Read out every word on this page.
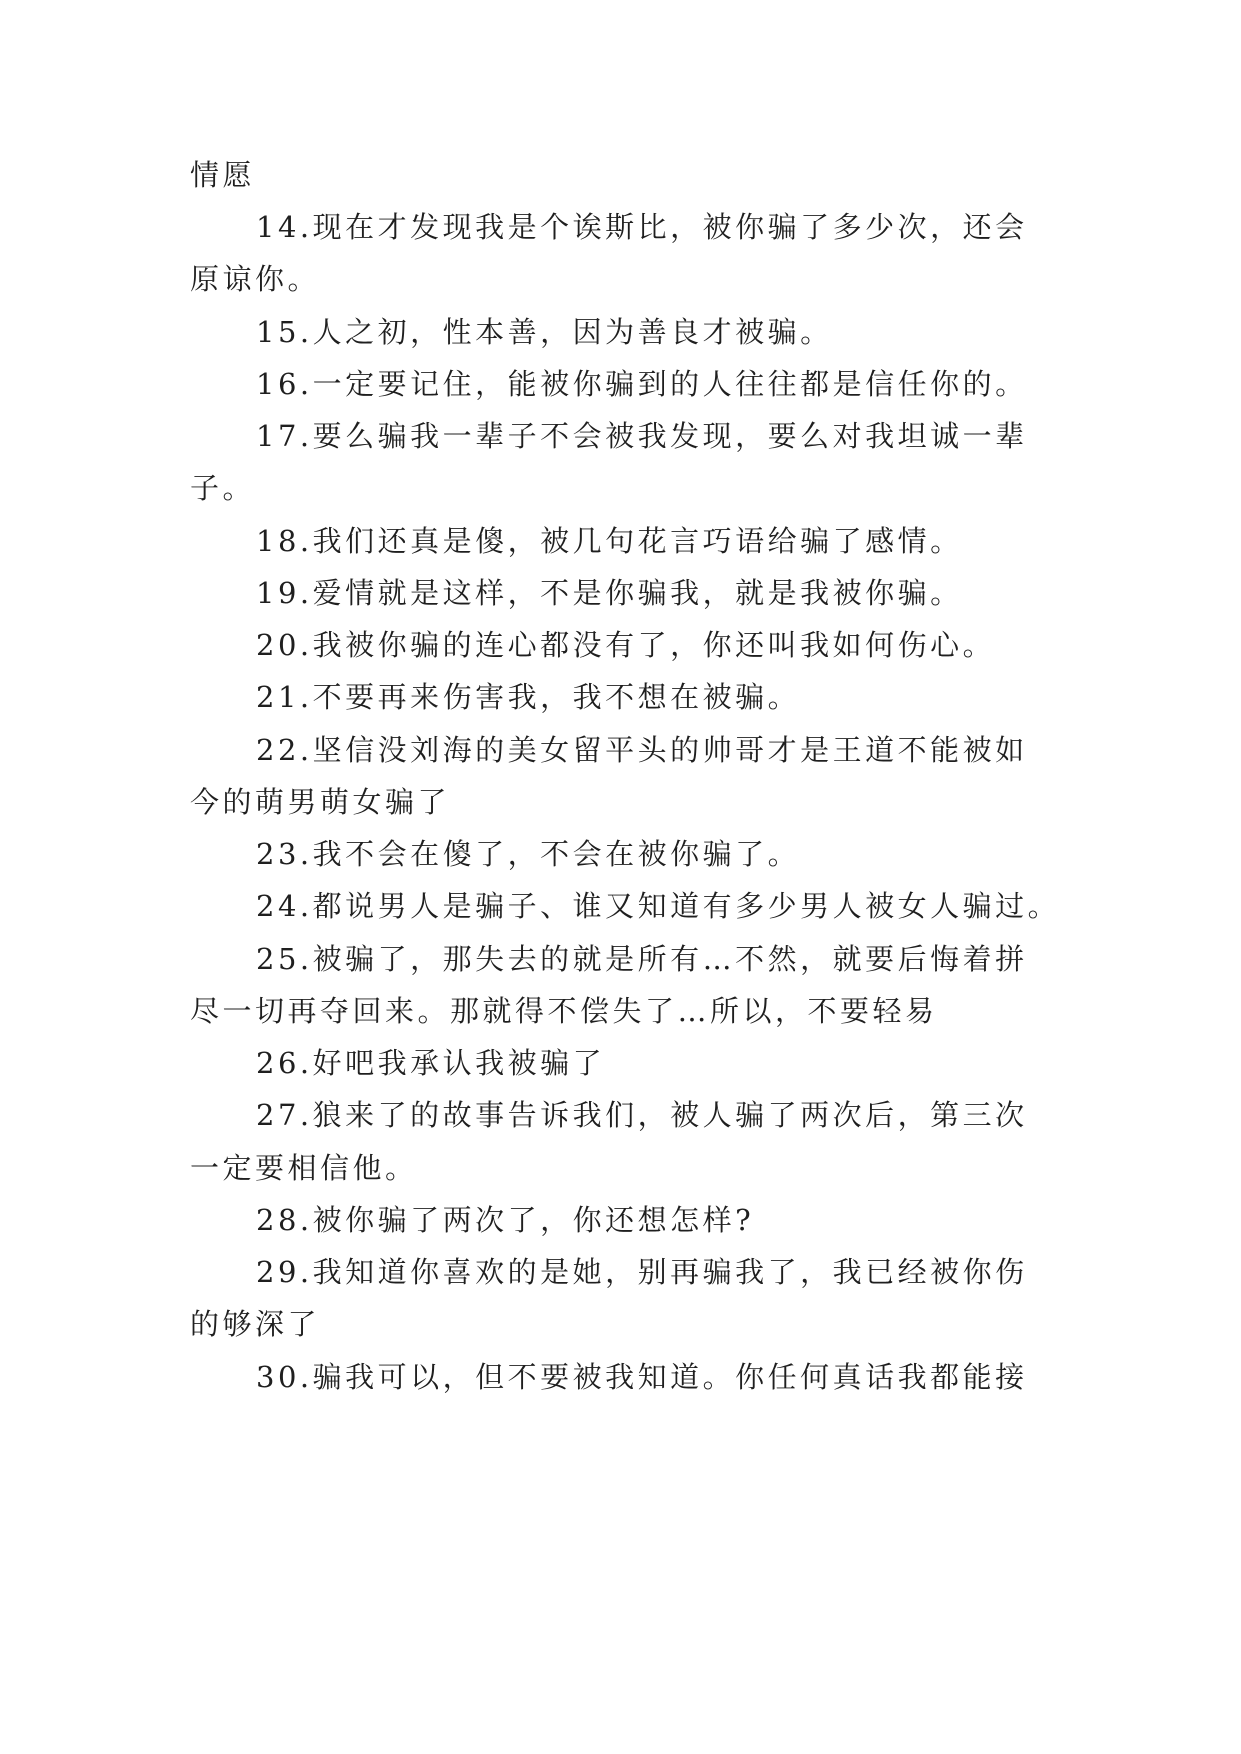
情愿
14.现在才发现我是个诶斯比，被你骗了多少次，还会
原谅你。
15.人之初，性本善，因为善良才被骗。
16.一定要记住，能被你骗到的人往往都是信任你的。
17.要么骗我一辈子不会被我发现，要么对我坦诚一辈
子。
18.我们还真是傻，被几句花言巧语给骗了感情。
19.爱情就是这样，不是你骗我，就是我被你骗。
20.我被你骗的连心都没有了，你还叫我如何伤心。
21.不要再来伤害我，我不想在被骗。
22.坚信没刘海的美女留平头的帅哥才是王道不能被如
今的萌男萌女骗了
23.我不会在傻了，不会在被你骗了。
24.都说男人是骗子、谁又知道有多少男人被女人骗过。
25.被骗了，那失去的就是所有…不然，就要后悔着拼
尽一切再夺回来。那就得不偿失了…所以，不要轻易
26.好吧我承认我被骗了
27.狼来了的故事告诉我们，被人骗了两次后，第三次
一定要相信他。
28.被你骗了两次了，你还想怎样?
29.我知道你喜欢的是她，别再骗我了，我已经被你伤
的够深了
30.骗我可以，但不要被我知道。你任何真话我都能接
